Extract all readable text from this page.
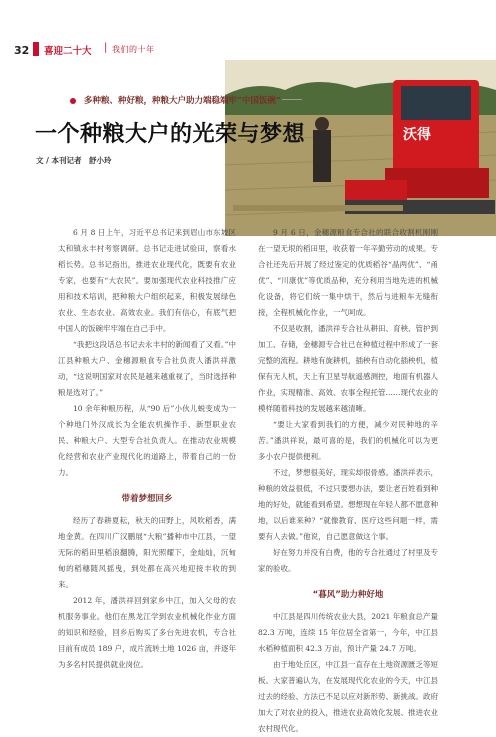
32 喜迎二十大 | 我们的十年
沃得
多种粮、种好粮，种粮大户助力端稳端牢“中国饭碗”
一个种粮大户的光荣与梦想
文 / 本刊记者　舒小玲

6 月 8 日上午，习近平总书记来到眉山市东坡区太和镇永丰村考察调研。总书记走进试验田，察看水稻长势。总书记指出，推进农业现代化，既要有农业专家，也要有“大农民”。要加强现代农业科技推广应用和技术培训，把种粮大户组织起来，积极发展绿色农业、生态农业、高效农业。我们有信心，有底气把中国人的饭碗牢牢端在自己手中。

“我把这段话总书记去永丰村的新闻看了又看。”中江县种粮大户、金穗源粮食专合社负责人潘洪祥激动，“这说明国家对农民是越来越重视了，当时选择种粮是选对了。”

10 余年种粮历程，从“90 后”小伙儿蜕变成为一个种地门外汉成长为全能农机操作手、新型职业农民、种粮大户、大型专合社负责人。在推动农业规模化经营和农业产业现代化的道路上，带着自己的一份力。

带着梦想回乡

经历了春耕夏耘，秋天的田野上，风吹稻香，满地金黄。在四川广汉鹏展“大粮”播种市中江县，一望无际的稻田里稻浪翻腾，阳光照耀下，金灿灿，沉甸甸的稻穗随风摇曳，到处都在高兴地迎接丰收的到来。

2012 年，潘洪祥回到家乡中江，加入父母的农机服务事业。他们在黑龙江学到农业机械化作业方面的知识和经验，回乡后购买了多台先进农机，专合社目前有成员 189 户，成片流转土地 1026 亩，并逐年为多名村民提供就业岗位。

9 月 6 日，金穗源粮食专合社的联合收割机刚刚在一望无垠的稻田里，收获着一年辛勤劳动的成果。专合社还先后开展了经过鉴定的优质稻谷“晶两优”、“甬优”、“川康优”等优质品种，充分利用当地先进的机械化设备，将它们统一集中烘干，然后与进粮车无缝衔接，全程机械化作业，一气呵成。

不仅是收割，潘洪祥专合社从耕田、育秧、管护到加工、存储，金穗源专合社已在种植过程中形成了一套完整的流程。耕地有旋耕机，插秧有自动化插秧机，植保有无人机，天上有卫星导航遥感测控，地面有机器人作业，实现精准、高效、农事全程托管……现代农业的模样随着科技的发展越来越清晰。

“要让大家看到我们的方便，减少对民种地的辛苦。”潘洪祥说，最可喜的是，我们的机械化可以为更多小农户提供便利。

不过，梦想很美好，现实却很骨感。潘洪祥表示，种粮的效益很低，不过只要想办法，要让老百姓看到种地的好处，就能看到希望。想想现在年轻人都不愿意种地，以后谁来种？“就像教育、医疗这些问题一样，需要有人去做。”他说，自己愿意做这个事。

好在努力并没有白费，他的专合社通过了村里及专家的验收。

“暮风”助力种好地

中江县是四川传统农业大县，2021 年粮食总产量 82.3 万吨，连续 15 年位居全省第一，今年，中江县水稻种植面积 42.3 万亩，预计产量 24.7 万吨。

由于地处丘区，中江县一直存在土地资源匮乏等短板。大家普遍认为，在发展现代化农业的今天，中江县过去的经验、方法已不足以应对新形势、新挑战。政府加大了对农业的投入，推进农业高效化发展、推进农业农村现代化。
